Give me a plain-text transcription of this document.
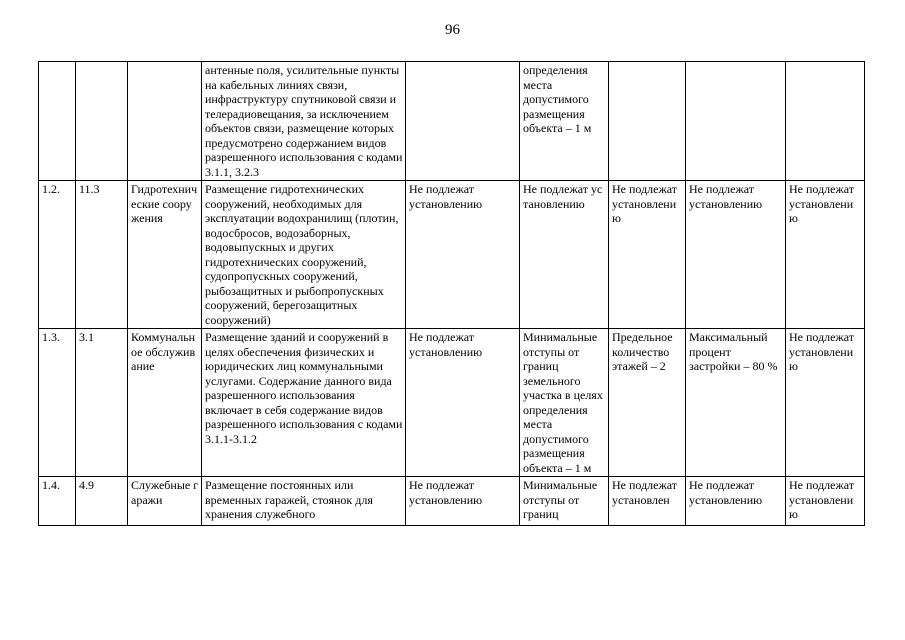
96
			антенные поля, усилительные пункты на кабельных линиях связи, инфраструктуру спутниковой связи и телерадиовещания, за исключением объектов связи, размещение которых предусмотрено содержанием видов разрешенного использования с кодами 3.1.1, 3.2.3		определения места допустимого размещения объекта – 1 м			
1.2.	11.3	Гидротехнические сооружения	Размещение гидротехнических сооружений, необходимых для эксплуатации водохранилищ (плотин, водосбросов, водозаборных, водовыпускных и других гидротехнических сооружений, судопропускных сооружений, рыбозащитных и рыбопропускных сооружений, берегозащитных сооружений)	Не подлежат установлению	Не подлежат установлению	Не подлежат установлению	Не подлежат установлению	Не подлежат установлению
1.3.	3.1	Коммунальное обслуживание	Размещение зданий и сооружений в целях обеспечения физических и юридических лиц коммунальными услугами. Содержание данного вида разрешенного использования включает в себя содержание видов разрешенного использования с кодами 3.1.1-3.1.2	Не подлежат установлению	Минимальные отступы от границ земельного участка в целях определения места допустимого размещения объекта – 1 м	Предельное количество этажей – 2	Максимальный процент застройки – 80 %	Не подлежат установлению
1.4.	4.9	Служебные гаражи	Размещение постоянных или временных гаражей, стоянок для хранения служебного	Не подлежат установлению	Минимальные отступы от границ	Не подлежат установлен	Не подлежат установлению	Не подлежат установлению
